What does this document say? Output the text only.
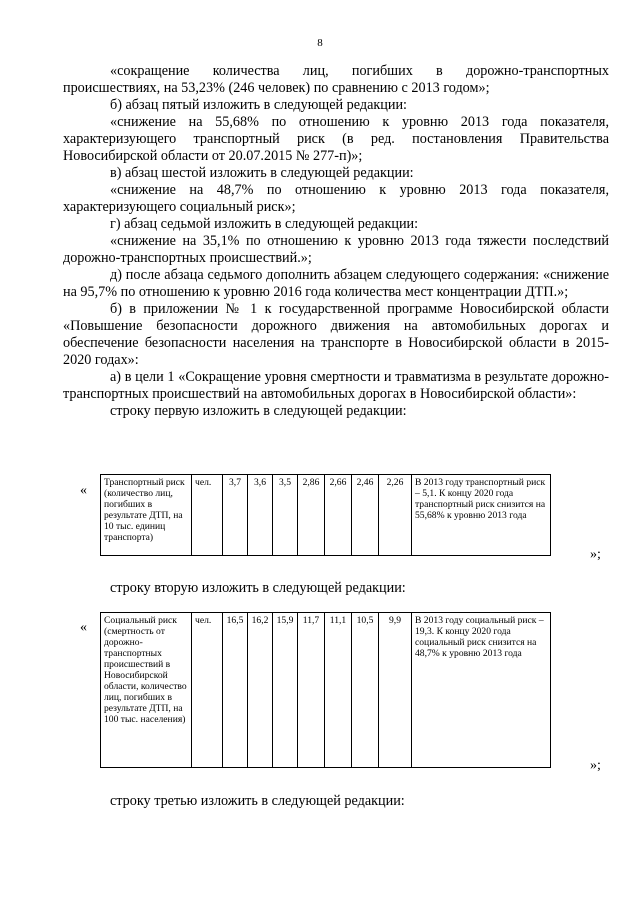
8

«сокращение количества лиц, погибших в дорожно-транспортных происшествиях, на 53,23% (246 человек) по сравнению с 2013 годом»;

б) абзац пятый изложить в следующей редакции:

«снижение на 55,68% по отношению к уровню 2013 года показателя, характеризующего транспортный риск (в ред. постановления Правительства Новосибирской области от 20.07.2015 № 277-п)»;

в) абзац шестой изложить в следующей редакции:

«снижение на 48,7% по отношению к уровню 2013 года показателя, характеризующего социальный риск»;

г) абзац седьмой изложить в следующей редакции:

«снижение на 35,1% по отношению к уровню 2013 года тяжести последствий дорожно-транспортных происшествий.»;

д) после абзаца седьмого дополнить абзацем следующего содержания: «снижение на 95,7% по отношению к уровню 2016 года количества мест концентрации ДТП.»;

б) в приложении № 1 к государственной программе Новосибирской области «Повышение безопасности дорожного движения на автомобильных дорогах и обеспечение безопасности населения на транспорте в Новосибирской области в 2015-2020 годах»:

а) в цели 1 «Сокращение уровня смертности и травматизма в результате дорожно-транспортных происшествий на автомобильных дорогах в Новосибирской области»:

строку первую изложить в следующей редакции:

«
Транспортный риск (количество лиц, погибших в результате ДТП, на 10 тыс. единиц транспорта)	чел.	3,7	3,6	3,5	2,86	2,66	2,46	2,26	В 2013 году транспортный риск – 5,1. К концу 2020 года транспортный риск снизится на 55,68% к уровню 2013 года
»;

строку вторую изложить в следующей редакции:

« Социальный риск (смертность от дорожно-транспортных происшествий в Новосибирской области, количество лиц, погибших в результате ДТП, на 100 тыс. населения)	чел.	16,5	16,2	15,9	11,7	11,1	10,5	9,9	В 2013 году социальный риск – 19,3. К концу 2020 года социальный риск снизится на 48,7% к уровню 2013 года
»;

строку третью изложить в следующей редакции:
